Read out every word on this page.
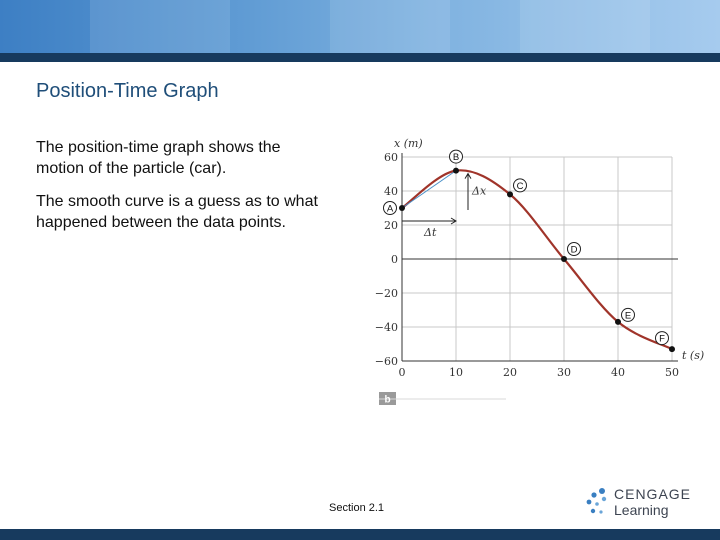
Position-Time Graph
The position-time graph shows the motion of the particle (car).
The smooth curve is a guess as to what happened between the data points.
0	10	20	30	40	50
60
40
20
0
−20
−40
−60
x (m)
t (s)
Δt
Δx
A
B
C
D
E
F
b
Section 2.1
CENGAGE
Learning
